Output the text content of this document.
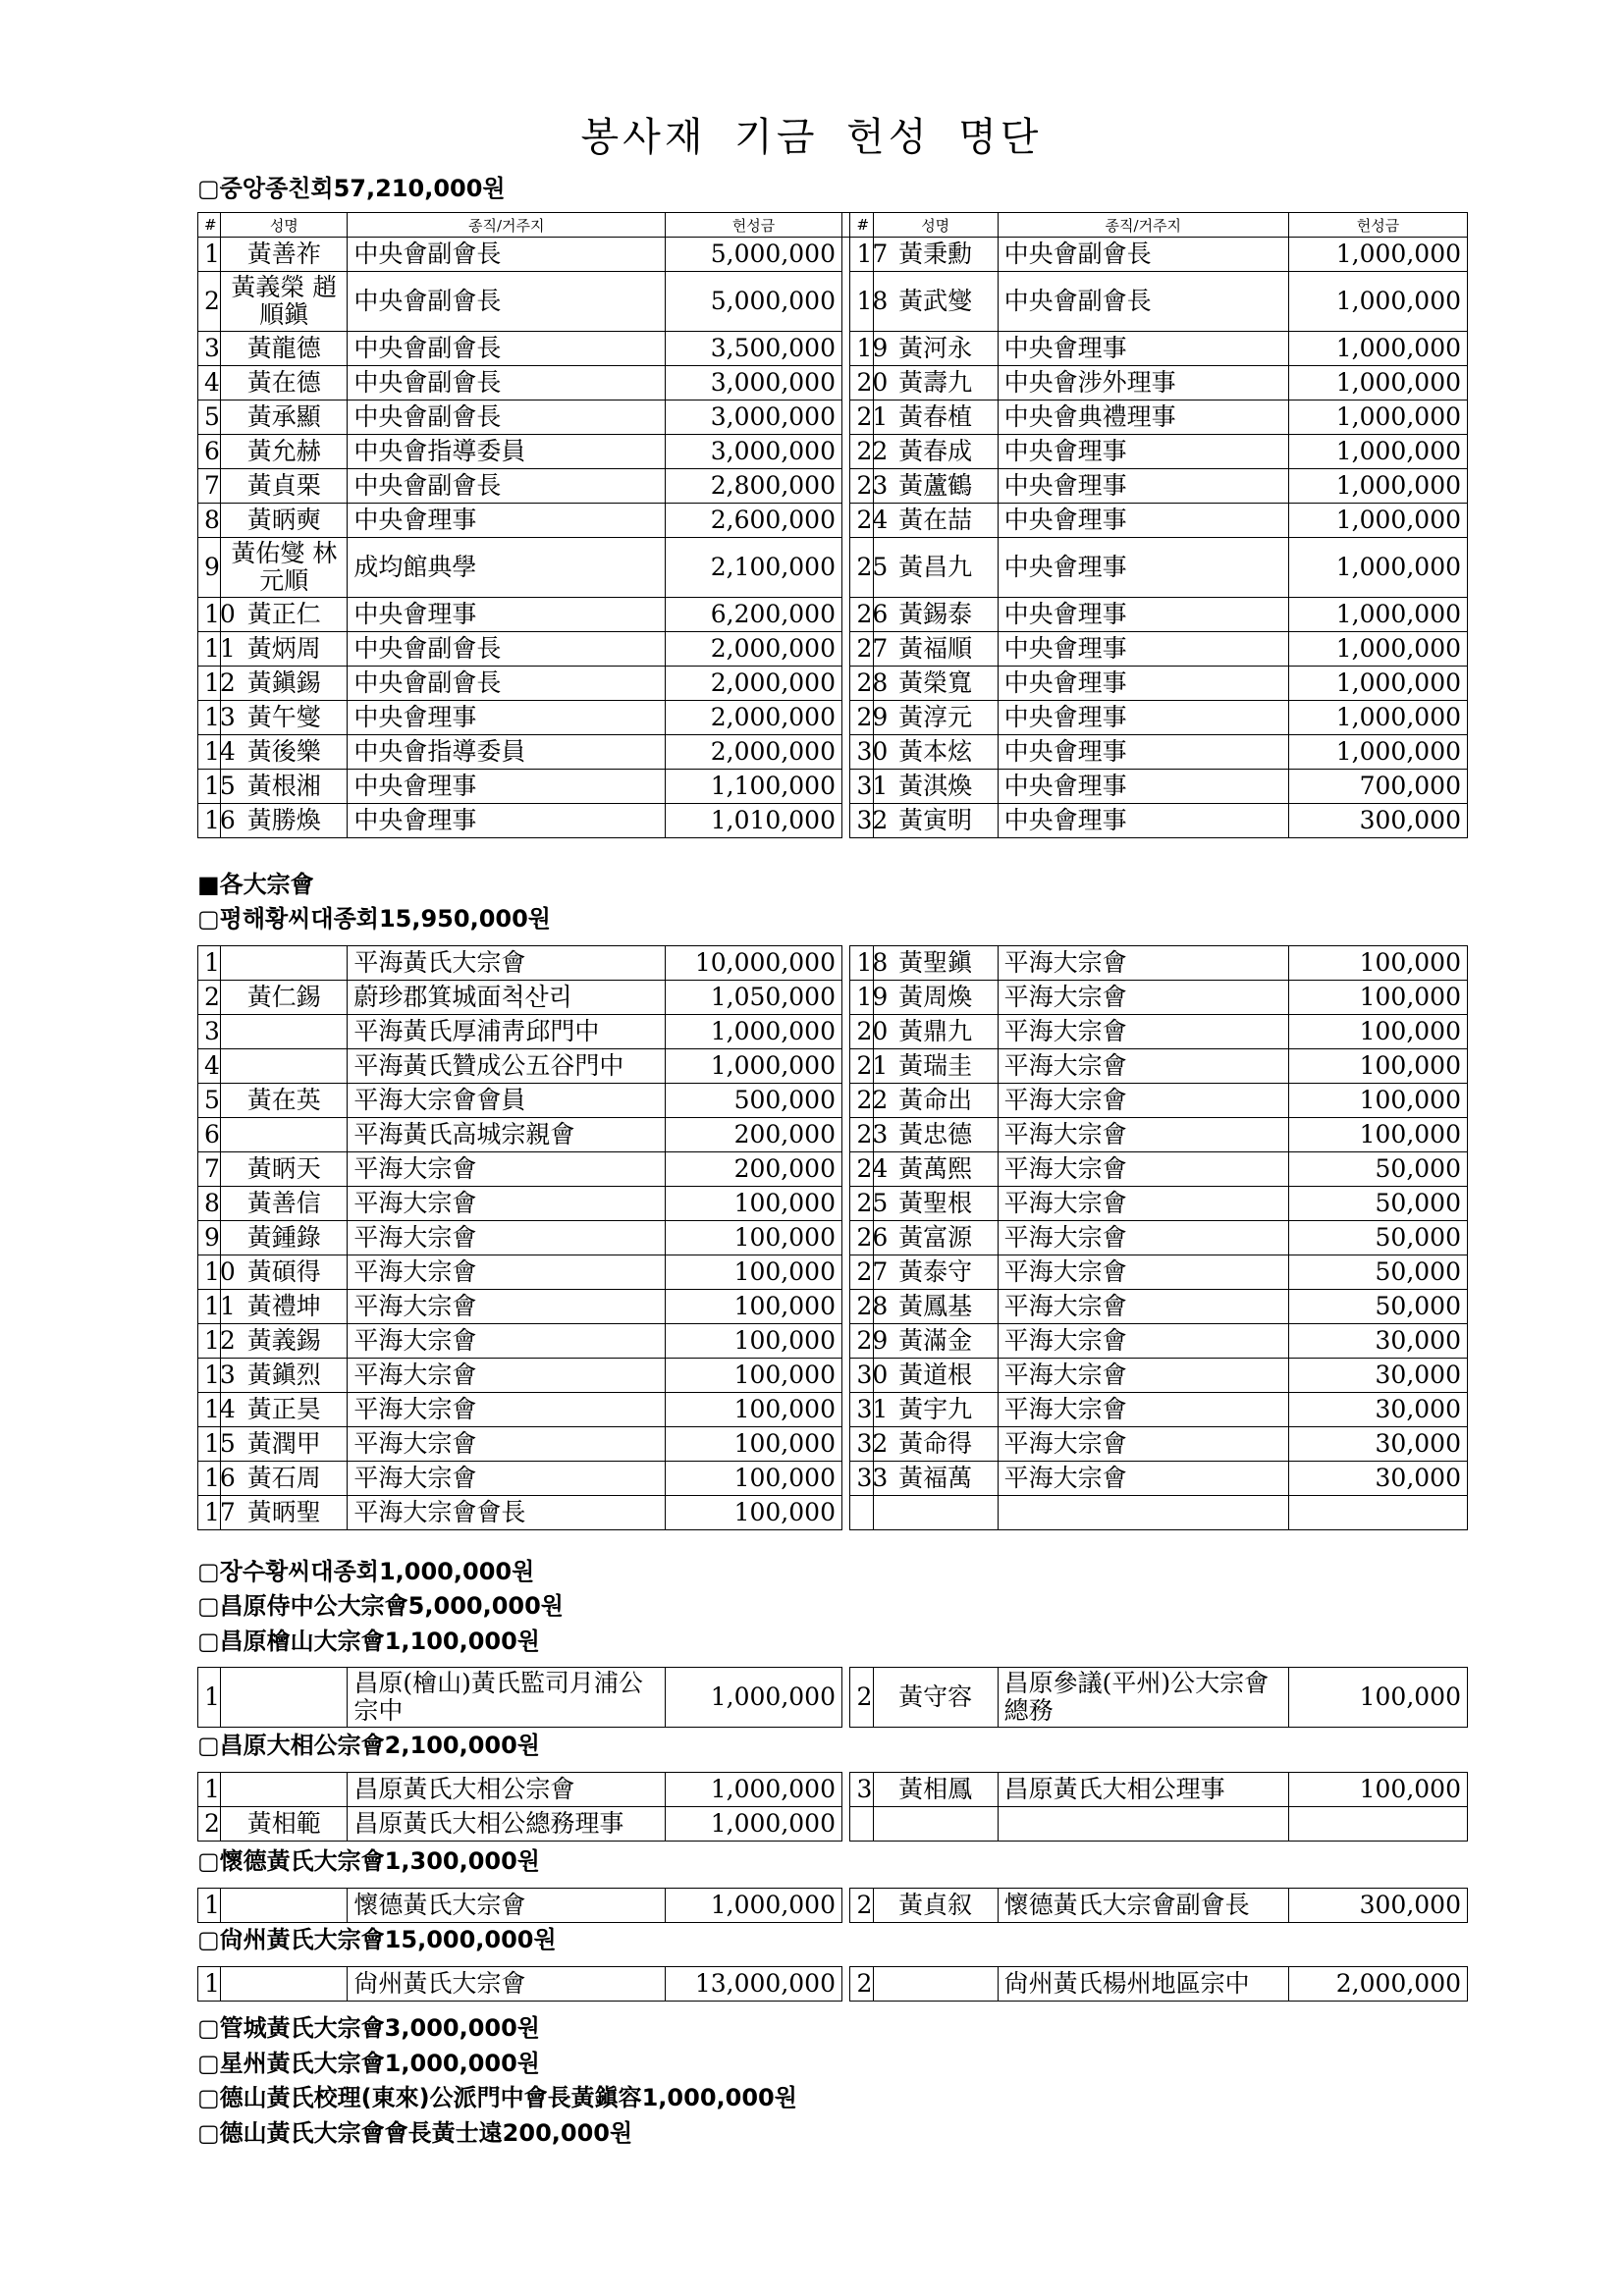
봉사재 기금 헌성 명단
▢중앙종친회57,210,000원
#	성명	종직/거주지	헌성금		#	성명	종직/거주지	헌성금
1	黃善祚	中央會副會長	5,000,000		17	黃秉勳	中央會副會長	1,000,000
2	黃義榮 趙順鎭	中央會副會長	5,000,000		18	黃武燮	中央會副會長	1,000,000
3	黃龍德	中央會副會長	3,500,000		19	黃河永	中央會理事	1,000,000
4	黃在德	中央會副會長	3,000,000		20	黃壽九	中央會涉外理事	1,000,000
5	黃承顯	中央會副會長	3,000,000		21	黃春植	中央會典禮理事	1,000,000
6	黃允赫	中央會指導委員	3,000,000		22	黃春成	中央會理事	1,000,000
7	黃貞栗	中央會副會長	2,800,000		23	黃蘆鶴	中央會理事	1,000,000
8	黃昞奭	中央會理事	2,600,000		24	黃在喆	中央會理事	1,000,000
9	黃佑燮 林元順	成均館典學	2,100,000		25	黃昌九	中央會理事	1,000,000
10	黃正仁	中央會理事	6,200,000		26	黃錫泰	中央會理事	1,000,000
11	黃炳周	中央會副會長	2,000,000		27	黃福順	中央會理事	1,000,000
12	黃鎭錫	中央會副會長	2,000,000		28	黃榮寬	中央會理事	1,000,000
13	黃午燮	中央會理事	2,000,000		29	黃淳元	中央會理事	1,000,000
14	黃後樂	中央會指導委員	2,000,000		30	黃本炫	中央會理事	1,000,000
15	黃根湘	中央會理事	1,100,000		31	黃淇煥	中央會理事	700,000
16	黃勝煥	中央會理事	1,010,000		32	黃寅明	中央會理事	300,000
■各大宗會
▢평해황씨대종회15,950,000원
1		平海黃氏大宗會	10,000,000		18	黃聖鎭	平海大宗會	100,000
2	黃仁錫	蔚珍郡箕城面척산리	1,050,000		19	黃周煥	平海大宗會	100,000
3		平海黃氏厚浦靑邱門中	1,000,000		20	黃鼎九	平海大宗會	100,000
4		平海黃氏贊成公五谷門中	1,000,000		21	黃瑞圭	平海大宗會	100,000
5	黃在英	平海大宗會會員	500,000		22	黃命出	平海大宗會	100,000
6		平海黃氏高城宗親會	200,000		23	黃忠德	平海大宗會	100,000
7	黃昞天	平海大宗會	200,000		24	黃萬熙	平海大宗會	50,000
8	黃善信	平海大宗會	100,000		25	黃聖根	平海大宗會	50,000
9	黃鍾錄	平海大宗會	100,000		26	黃富源	平海大宗會	50,000
10	黃碩得	平海大宗會	100,000		27	黃泰守	平海大宗會	50,000
11	黃禮坤	平海大宗會	100,000		28	黃鳳基	平海大宗會	50,000
12	黃義錫	平海大宗會	100,000		29	黃滿金	平海大宗會	30,000
13	黃鎭烈	平海大宗會	100,000		30	黃道根	平海大宗會	30,000
14	黃正昊	平海大宗會	100,000		31	黃宇九	平海大宗會	30,000
15	黃潤甲	平海大宗會	100,000		32	黃命得	平海大宗會	30,000
16	黃石周	平海大宗會	100,000		33	黃福萬	平海大宗會	30,000
17	黃昞聖	平海大宗會會長	100,000					
▢장수황씨대종회1,000,000원
▢昌原侍中公大宗會5,000,000원
▢昌原檜山大宗會1,100,000원
1		昌原(檜山)黃氏監司月浦公宗中	1,000,000		2	黃守容	昌原參議(平州)公大宗會總務	100,000
▢昌原大相公宗會2,100,000원
1		昌原黃氏大相公宗會	1,000,000		3	黃相鳳	昌原黃氏大相公理事	100,000
2	黃相範	昌原黃氏大相公總務理事	1,000,000					
▢懷德黃氏大宗會1,300,000원
1		懷德黃氏大宗會	1,000,000		2	黃貞叙	懷德黃氏大宗會副會長	300,000
▢尙州黃氏大宗會15,000,000원
1		尙州黃氏大宗會	13,000,000		2		尙州黃氏楊州地區宗中	2,000,000
▢管城黃氏大宗會3,000,000원
▢星州黃氏大宗會1,000,000원
▢德山黃氏校理(東來)公派門中會長黃鎭容1,000,000원
▢德山黃氏大宗會會長黃士遠200,000원
